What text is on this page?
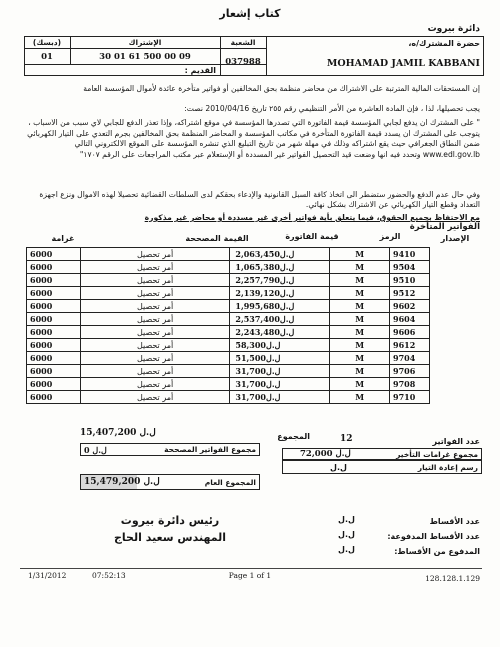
كتاب إشعار
دائرة بيروت
(دبسك)	الإشتراك	الشعبة	حضرة المشترك/ه،
01	30 01 61 500 00 09	037988
القديم :
MOHAMAD JAMIL KABBANI
إن المستحقات المالية المترتبة على الاشتراك من محاضر منظمة بحق المخالفين أو فواتير متأخرة عائدة لأموال المؤسسة العامة
يجب تحصيلها، لذا ، فإن المادة العاشرة من الأمر التنظيمي رقم ٢٥٥ تاريخ 2010/04/16 نصت:
" على المشترك ان يدفع لجابي المؤسسة قيمة الفاتورة التي تصدرها المؤسسة في موقع اشتراكه، وإذا تعذر الدفع للجابي لاي سبب من الاسباب ، يتوجب على المشترك ان يسدد قيمة الفاتورة المتأخرة في مكاتب المؤسسة و المحاضر المنظمة بحق المخالفين بجرم التعدي على التيار الكهربائي ضمن النطاق الجغرافي حيث يقع اشتراكه وذلك في مهلة شهر من تاريخ التبليغ الذي تنشره المؤسسة على الموقع الالكتروني التالي www.edl.gov.lb وتحدد فيه انها وضعت قيد التحصيل الفواتير غير المسددة أو الإستعلام عبر مكتب المراجعات على الرقم ١٧٠٧"
وفي حال عدم الدفع والحضور ستضطر الى اتخاذ كافة السبل القانونية والإدعاء بحقكم لدى السلطات القضائية تحصيلا لهذه الاموال ونزع اجهزة التعداد وقطع التيار الكهربائي عن الاشتراك بشكل نهائي.
مع الاحتفاظ بجميع الحقوق، فيما يتعلق بأية فواتير أخرى غير مسددة أو محاضر غير مذكورة
الفواتير المتأخرة
غرامة	القيمة المصححة	قيمة الفاتورة	الرمز	الإصدار
6000	أمر تحصيل	ل.ل2,063,450	M	9410
6000	أمر تحصيل	ل.ل1,065,380	M	9504
6000	أمر تحصيل	ل.ل2,257,790	M	9510
6000	أمر تحصيل	ل.ل2,139,120	M	9512
6000	أمر تحصيل	ل.ل1,995,680	M	9602
6000	أمر تحصيل	ل.ل2,537,400	M	9604
6000	أمر تحصيل	ل.ل2,243,480	M	9606
6000	أمر تحصيل	ل.ل58,300	M	9612
6000	أمر تحصيل	ل.ل51,500	M	9704
6000	أمر تحصيل	ل.ل31,700	M	9706
6000	أمر تحصيل	ل.ل31,700	M	9708
6000	أمر تحصيل	ل.ل31,700	M	9710
المجموع
ل.ل 15,407,200
عدد الفواتير
12
مجموع الفواتير المصححة
ل.ل 0	مجموع غرامات التأخير
ل.ل 72,000
رسم إعادة التيار
ل.ل
المجموع العام
15,479,200 ل.ل
عدد الأقساط
ل.ل
عدد الأقساط المدفوعة:
ل.ل
المدفوع من الأقساط:
ل.ل
رئيس دائرة بيروت
المهندس سعيد الحاج
1/31/2012	07:52:13	Page 1 of 1	128.128.1.129
